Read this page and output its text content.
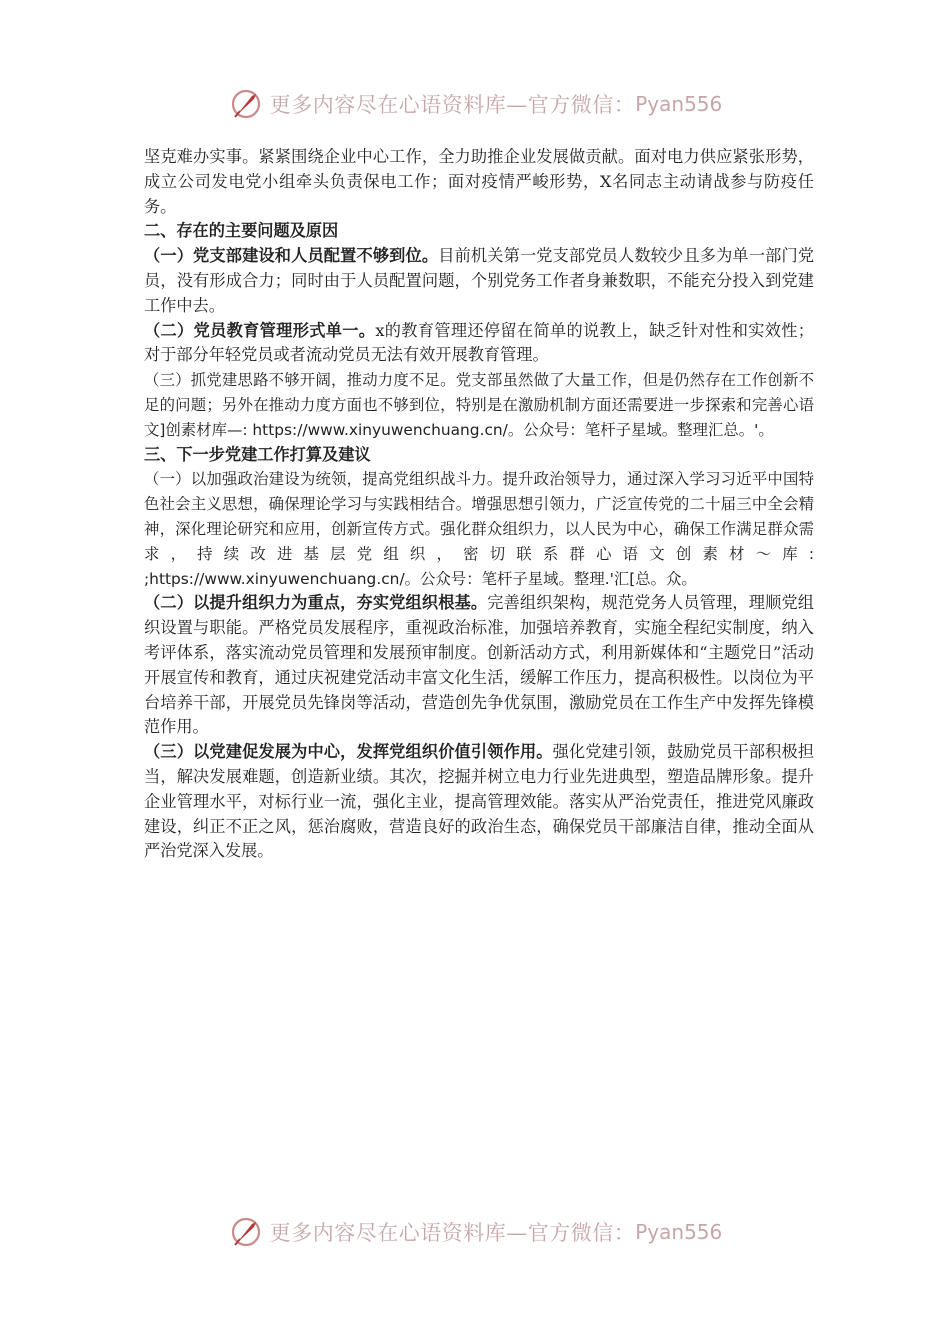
更多内容尽在心语资料库—官方微信： Pyan556

坚克难办实事。紧紧围绕企业中心工作，全力助推企业发展做贡献。面对电力供应紧张形势，成立公司发电党小组牵头负责保电工作；面对疫情严峻形势，X名同志主动请战参与防疫任务。

二、存在的主要问题及原因

（一）党支部建设和人员配置不够到位。目前机关第一党支部党员人数较少且多为单一部门党员，没有形成合力；同时由于人员配置问题，个别党务工作者身兼数职，不能充分投入到党建工作中去。

（二）党员教育管理形式单一。x的教育管理还停留在简单的说教上，缺乏针对性和实效性；对于部分年轻党员或者流动党员无法有效开展教育管理。

（三）抓党建思路不够开阔，推动力度不足。党支部虽然做了大量工作，但是仍然存在工作创新不足的问题；另外在推动力度方面也不够到位，特别是在激励机制方面还需要进一步探索和完善心语文]创素材库—: https://www.xinyuwenchuang.cn/。公众号：笔杆子星域。整理汇总。'。

三、下一步党建工作打算及建议

（一）以加强政治建设为统领，提高党组织战斗力。提升政治领导力，通过深入学习习近平中国特色社会主义思想，确保理论学习与实践相结合。增强思想引领力，广泛宣传党的二十届三中全会精神，深化理论研究和应用，创新宣传方式。强化群众组织力，以人民为中心，确保工作满足群众需求，持续改进基层党组织，密切联系群心语文创素材～库: ;https://www.xinyuwenchuang.cn/。公众号：笔杆子星域。整理.'汇[总。众。

（二）以提升组织力为重点，夯实党组织根基。完善组织架构，规范党务人员管理，理顺党组织设置与职能。严格党员发展程序，重视政治标准，加强培养教育，实施全程纪实制度，纳入考评体系，落实流动党员管理和发展预审制度。创新活动方式，利用新媒体和“主题党日”活动开展宣传和教育，通过庆祝建党活动丰富文化生活，缓解工作压力，提高积极性。以岗位为平台培养干部，开展党员先锋岗等活动，营造创先争优氛围，激励党员在工作生产中发挥先锋模范作用。

（三）以党建促发展为中心，发挥党组织价值引领作用。强化党建引领，鼓励党员干部积极担当，解决发展难题，创造新业绩。其次，挖掘并树立电力行业先进典型，塑造品牌形象。提升企业管理水平，对标行业一流，强化主业，提高管理效能。落实从严治党责任，推进党风廉政建设，纠正不正之风，惩治腐败，营造良好的政治生态，确保党员干部廉洁自律，推动全面从严治党深入发展。

更多内容尽在心语资料库—官方微信： Pyan556
